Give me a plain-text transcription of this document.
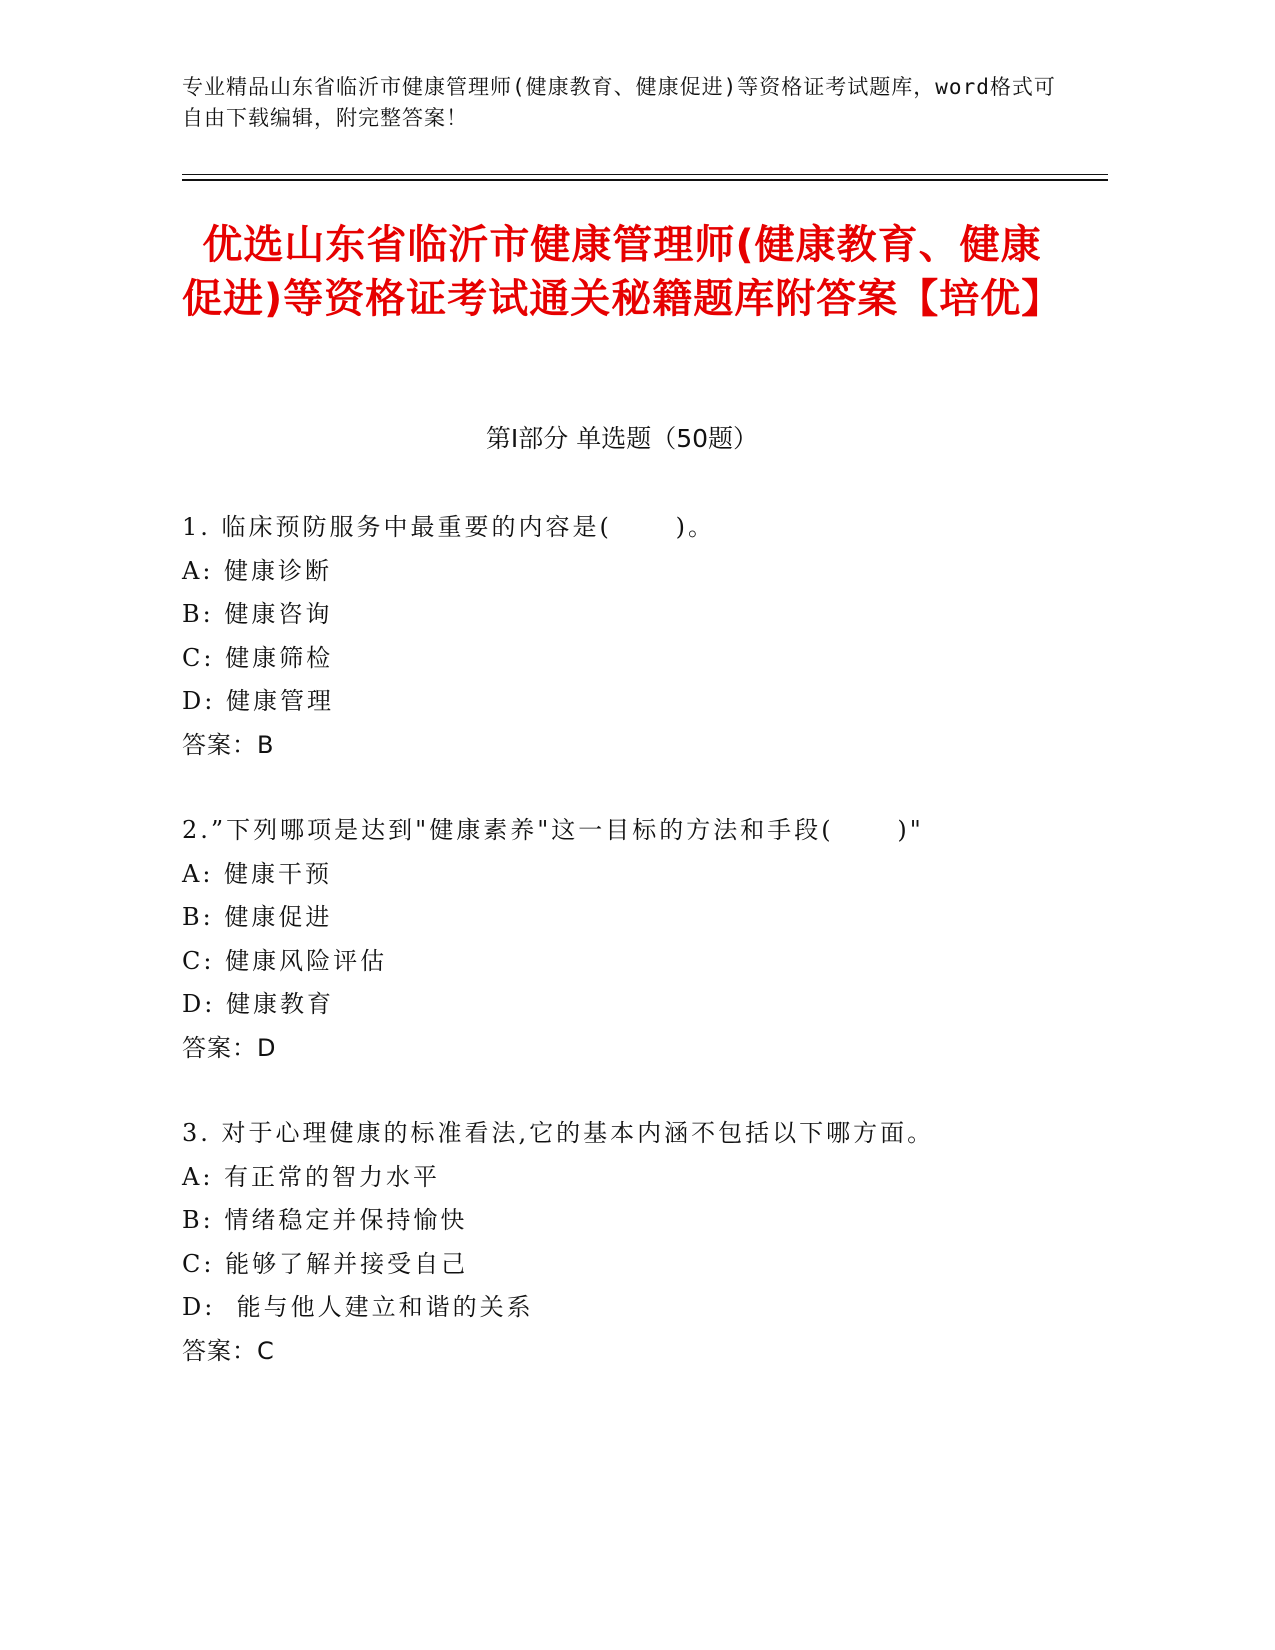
专业精品山东省临沂市健康管理师(健康教育、健康促进)等资格证考试题库，word格式可自由下载编辑，附完整答案！
优选山东省临沂市健康管理师(健康教育、健康促进)等资格证考试通关秘籍题库附答案【培优】
第Ⅰ部分 单选题（50题）
1. 临床预防服务中最重要的内容是(      )。
A: 健康诊断
B: 健康咨询
C: 健康筛检
D: 健康管理
答案：B
2.”下列哪项是达到"健康素养"这一目标的方法和手段(      )"
A: 健康干预
B: 健康促进
C: 健康风险评估
D: 健康教育
答案：D
3. 对于心理健康的标准看法,它的基本内涵不包括以下哪方面。
A: 有正常的智力水平
B: 情绪稳定并保持愉快
C: 能够了解并接受自己
D:  能与他人建立和谐的关系
答案：C
